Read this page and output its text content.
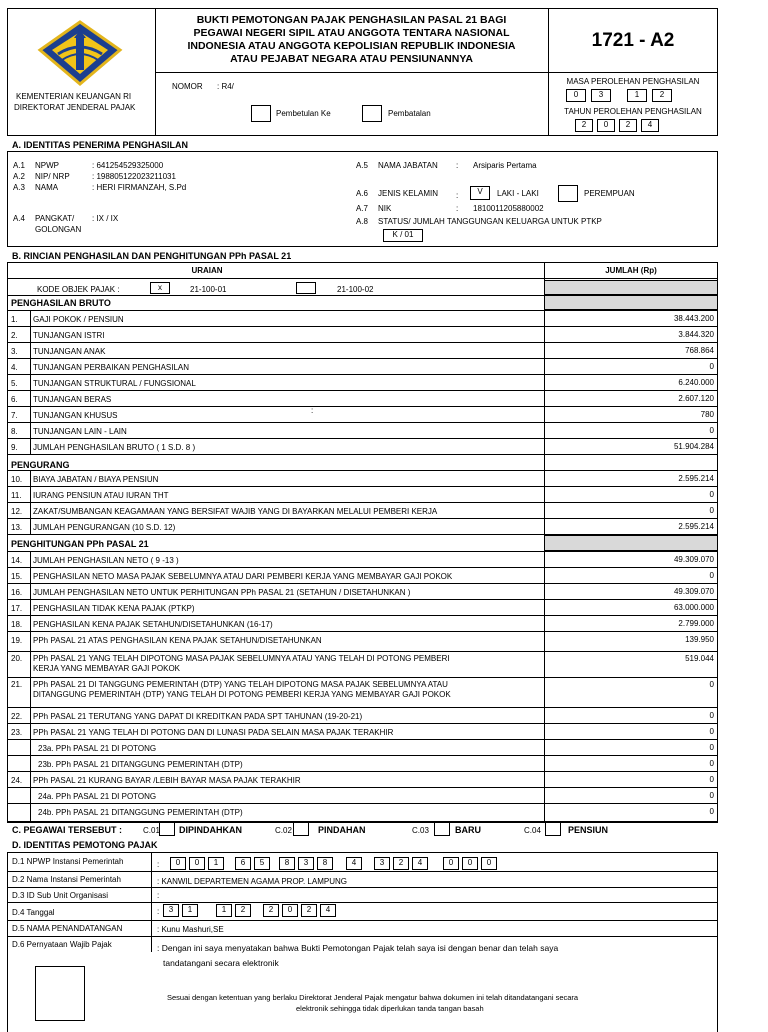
KEMENTERIAN KEUANGAN RI
DIREKTORAT JENDERAL PAJAK
BUKTI PEMOTONGAN PAJAK PENGHASILAN PASAL 21 BAGI
PEGAWAI NEGERI SIPIL ATAU ANGGOTA TENTARA NASIONAL
INDONESIA ATAU ANGGOTA KEPOLISIAN REPUBLIK INDONESIA
ATAU PEJABAT NEGARA ATAU PENSIUNANNYA
1721 - A2
NOMOR : R4/
Pembetulan Ke	Pembatalan
MASA PEROLEHAN PENGHASILAN
0	3	1	2
TAHUN PEROLEHAN PENGHASILAN
2	0	2	4
A. IDENTITAS PENERIMA PENGHASILAN
A.1 NPWP	: 641254529325000
A.2 NIP/ NRP	: 198805122023211031
A.3 NAMA	: HERI FIRMANZAH, S.Pd
A.4 PANGKAT/
GOLONGAN
: IX / IX
A.5 NAMA JABATAN : Arsiparis Pertama
A.6 JENIS KELAMIN :	V	LAKI - LAKI	PEREMPUAN
A.7 NIK	: 1810011205880002
A.8 STATUS/ JUMLAH TANGGUNGAN KELUARGA UNTUK PTKP
K / 01
B. RINCIAN PENGHASILAN DAN PENGHITUNGAN PPh PASAL 21
URAIAN	JUMLAH (Rp)
KODE OBJEK PAJAK :	x	21-100-01	21-100-02
PENGHASILAN BRUTO
PENGURANG
PENGHITUNGAN PPh PASAL 21
:
1. GAJI POKOK / PENSIUN	38.443.200
2. TUNJANGAN ISTRI	3.844.320
3. TUNJANGAN ANAK	768.864
4. TUNJANGAN PERBAIKAN PENGHASILAN	0
5. TUNJANGAN STRUKTURAL / FUNGSIONAL	6.240.000
6. TUNJANGAN BERAS	2.607.120
7. TUNJANGAN KHUSUS	780
8. TUNJANGAN LAIN - LAIN	0
9. JUMLAH PENGHASILAN BRUTO ( 1 S.D. 8 )	51.904.284
10. BIAYA JABATAN / BIAYA PENSIUN	2.595.214
11. IURANG PENSIUN ATAU IURAN THT	0
12. ZAKAT/SUMBANGAN KEAGAMAAN YANG BERSIFAT WAJIB YANG DI BAYARKAN MELALUI PEMBERI KERJA	0
13. JUMLAH PENGURANGAN (10 S.D. 12)	2.595.214
14. JUMLAH PENGHASILAN NETO ( 9 -13 )	49.309.070
15. PENGHASILAN NETO MASA PAJAK SEBELUMNYA ATAU DARI PEMBERI KERJA YANG MEMBAYAR GAJI POKOK	0
16. JUMLAH PENGHASILAN NETO UNTUK PERHITUNGAN PPh PASAL 21 (SETAHUN / DISETAHUNKAN )	49.309.070
17. PENGHASILAN TIDAK KENA PAJAK (PTKP)	63.000.000
18. PENGHASILAN KENA PAJAK SETAHUN/DISETAHUNKAN (16-17)	2.799.000
19. PPh PASAL 21 ATAS PENGHASILAN KENA PAJAK SETAHUN/DISETAHUNKAN	139.950
20. PPh PASAL 21 YANG TELAH DIPOTONG MASA PAJAK SEBELUMNYA ATAU YANG TELAH DI POTONG PEMBERI
KERJA YANG MEMBAYAR GAJI POKOK
519.044
21. PPh PASAL 21 DI TANGGUNG PEMERINTAH (DTP) YANG TELAH DIPOTONG MASA PAJAK SEBELUMNYA ATAU
DITANGGUNG PEMERINTAH (DTP) YANG TELAH DI POTONG PEMBERI KERJA YANG MEMBAYAR GAJI POKOK
0
22. PPh PASAL 21 TERUTANG YANG DAPAT DI KREDITKAN PADA SPT TAHUNAN (19-20-21)	0
23. PPh PASAL 21 YANG TELAH DI POTONG DAN DI LUNASI PADA SELAIN MASA PAJAK TERAKHIR	0
23a. PPh PASAL 21 DI POTONG	0
23b. PPh PASAL 21 DITANGGUNG PEMERINTAH (DTP)	0
24. PPh PASAL 21 KURANG BAYAR /LEBIH BAYAR MASA PAJAK TERAKHIR	0
24a. PPh PASAL 21 DI POTONG	0
24b. PPh PASAL 21 DITANGGUNG PEMERINTAH (DTP)	0
C. PEGAWAI TERSEBUT :	C.01 DIPINDAHKAN	C.02	PINDAHAN	C.03	BARU	C.04	PENSIUN
D. IDENTITAS PEMOTONG PAJAK
D.1 NPWP Instansi Pemerintah	:	0	0	1	6	5	8	3	8	4	3	2	4	0	0	0
D.2 Nama Instansi Pemerintah	: KANWIL DEPARTEMEN AGAMA PROP. LAMPUNG
D.3 ID Sub Unit Organisasi	:
D.4 Tanggal	:	3	1	1	2	2	0	2	4
D.5 NAMA PENANDATANGAN	: Kunu Mashuri,SE
D.6 Pernyataan Wajib Pajak	: Dengan ini saya menyatakan bahwa Bukti Pemotongan Pajak telah saya isi dengan benar dan telah saya
tandatangani secara elektronik
Sesuai dengan ketentuan yang berlaku Direktorat Jenderal Pajak mengatur bahwa dokumen ini telah ditandatangani secara
elektronik sehingga tidak diperlukan tanda tangan basah
